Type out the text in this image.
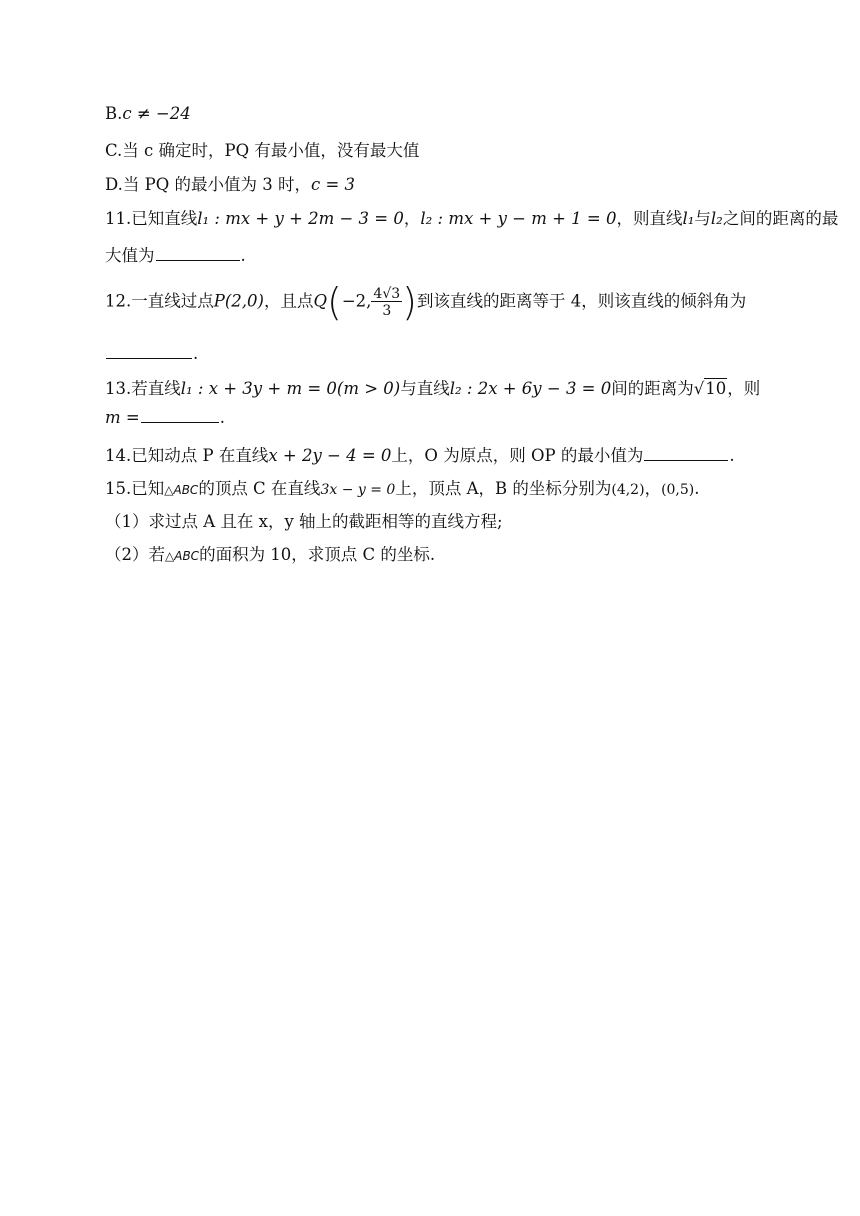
B.c ≠ −24
C.当 c 确定时，PQ 有最小值，没有最大值
D.当 PQ 的最小值为 3 时，c = 3
11.已知直线l₁ : mx + y + 2m − 3 = 0，l₂ : mx + y − m + 1 = 0，则直线l₁与l₂之间的距离的最
大值为	.
12.一直线过点P(2,0)，且点Q(−2, $\frac{4√3}{3}$ )到该直线的距离等于 4，则该直线的倾斜角为
.
13.若直线l₁ : x + 3y + m = 0(m > 0)与直线l₂ : 2x + 6y − 3 = 0间的距离为√10，则
m =	.
14.已知动点 P 在直线x + 2y − 4 = 0上，O 为原点，则 OP 的最小值为	.
15.已知△ABC的顶点 C 在直线3x − y = 0上，顶点 A，B 的坐标分别为(4,2)，(0,5).
（1）求过点 A 且在 x，y 轴上的截距相等的直线方程;
（2）若△ABC的面积为 10，求顶点 C 的坐标.
